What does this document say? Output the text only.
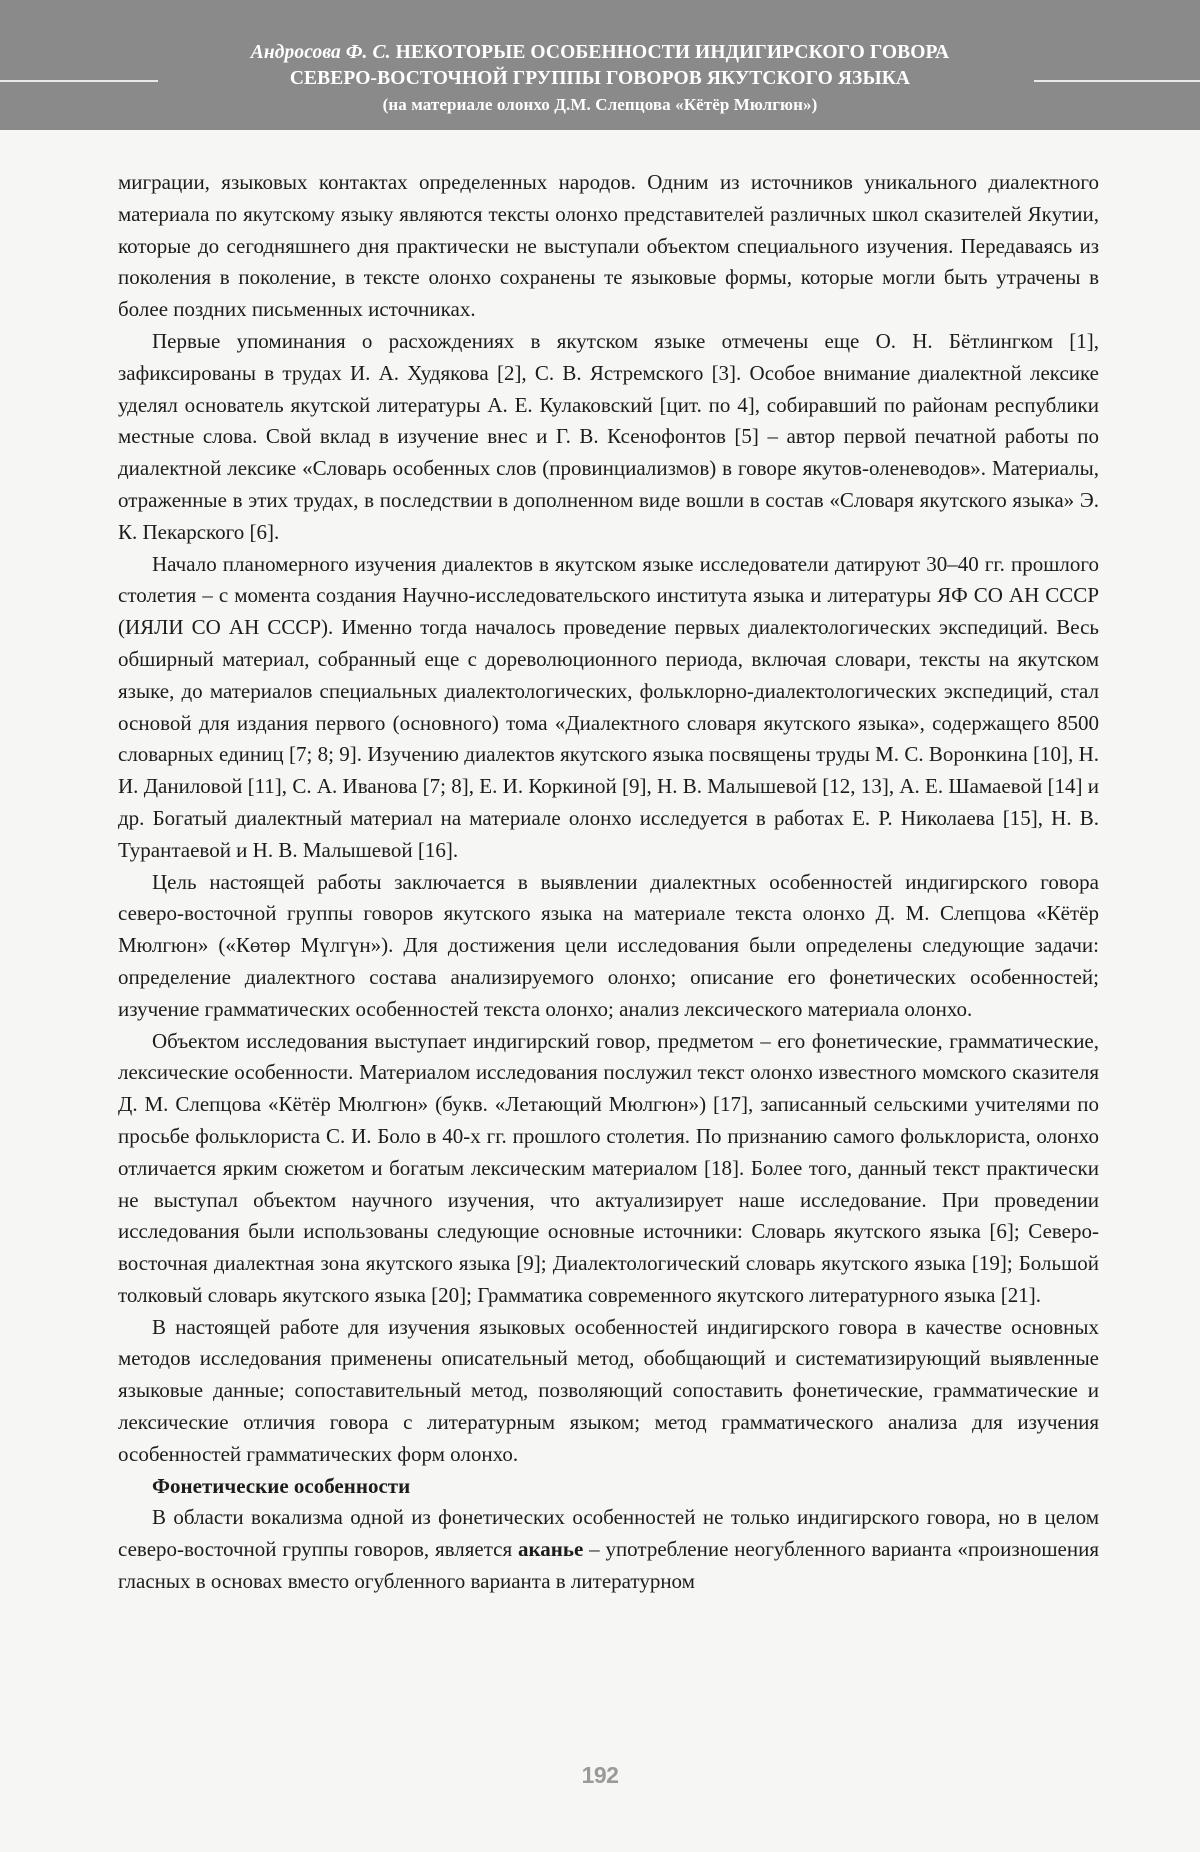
Андросова Ф. С. НЕКОТОРЫЕ ОСОБЕННОСТИ ИНДИГИРСКОГО ГОВОРА
СЕВЕРО-ВОСТОЧНОЙ ГРУППЫ ГОВОРОВ ЯКУТСКОГО ЯЗЫКА

(на материале олонхо Д.М. Слепцова «Кётёр Мюлгюн»)

миграции, языковых контактах определенных народов. Одним из источников уникального диалектного материала по якутскому языку являются тексты олонхо представителей различных школ сказителей Якутии, которые до сегодняшнего дня практически не выступали объектом специального изучения. Передаваясь из поколения в поколение, в тексте олонхо сохранены те языковые формы, которые могли быть утрачены в более поздних письменных источниках.

Первые упоминания о расхождениях в якутском языке отмечены еще О. Н. Бётлингком [1], зафиксированы в трудах И. А. Худякова [2], С. В. Ястремского [3]. Особое внимание диалектной лексике уделял основатель якутской литературы А. Е. Кулаковский [цит. по 4], собиравший по районам республики местные слова. Свой вклад в изучение внес и Г. В. Ксенофонтов [5] – автор первой печатной работы по диалектной лексике «Словарь особенных слов (провинциализмов) в говоре якутов-оленеводов». Материалы, отраженные в этих трудах, в последствии в дополненном виде вошли в состав «Словаря якутского языка» Э. К. Пекарского [6].

Начало планомерного изучения диалектов в якутском языке исследователи датируют 30–40 гг. прошлого столетия – с момента создания Научно-исследовательского института языка и литературы ЯФ СО АН СССР (ИЯЛИ СО АН СССР). Именно тогда началось проведение первых диалектологических экспедиций. Весь обширный материал, собранный еще с дореволюционного периода, включая словари, тексты на якутском языке, до материалов специальных диалектологических, фольклорно-диалектологических экспедиций, стал основой для издания первого (основного) тома «Диалектного словаря якутского языка», содержащего 8500 словарных единиц [7; 8; 9]. Изучению диалектов якутского языка посвящены труды М. С. Воронкина [10], Н. И. Даниловой [11], С. А. Иванова [7; 8], Е. И. Коркиной [9], Н. В. Малышевой [12, 13], А. Е. Шамаевой [14] и др. Богатый диалектный материал на материале олонхо исследуется в работах Е. Р. Николаева [15], Н. В. Турантаевой и Н. В. Малышевой [16].

Цель настоящей работы заключается в выявлении диалектных особенностей индигирского говора северо-восточной группы говоров якутского языка на материале текста олонхо Д. М. Слепцова «Кётёр Мюлгюн» («Көтөр Мүлгүн»). Для достижения цели исследования были определены следующие задачи: определение диалектного состава анализируемого олонхо; описание его фонетических особенностей; изучение грамматических особенностей текста олонхо; анализ лексического материала олонхо.

Объектом исследования выступает индигирский говор, предметом – его фонетические, грамматические, лексические особенности. Материалом исследования послужил текст олонхо известного момского сказителя Д. М. Слепцова «Кётёр Мюлгюн» (букв. «Летающий Мюлгюн») [17], записанный сельскими учителями по просьбе фольклориста С. И. Боло в 40-х гг. прошлого столетия. По признанию самого фольклориста, олонхо отличается ярким сюжетом и богатым лексическим материалом [18]. Более того, данный текст практически не выступал объектом научного изучения, что актуализирует наше исследование. При проведении исследования были использованы следующие основные источники: Словарь якутского языка [6]; Северо-восточная диалектная зона якутского языка [9]; Диалектологический словарь якутского языка [19]; Большой толковый словарь якутского языка [20]; Грамматика современного якутского литературного языка [21].

В настоящей работе для изучения языковых особенностей индигирского говора в качестве основных методов исследования применены описательный метод, обобщающий и систематизирующий выявленные языковые данные; сопоставительный метод, позволяющий сопоставить фонетические, грамматические и лексические отличия говора с литературным языком; метод грамматического анализа для изучения особенностей грамматических форм олонхо.

Фонетические особенности

В области вокализма одной из фонетических особенностей не только индигирского говора, но в целом северо-восточной группы говоров, является аканье – употребление неогубленного варианта «произношения гласных в основах вместо огубленного варианта в литературном

192
